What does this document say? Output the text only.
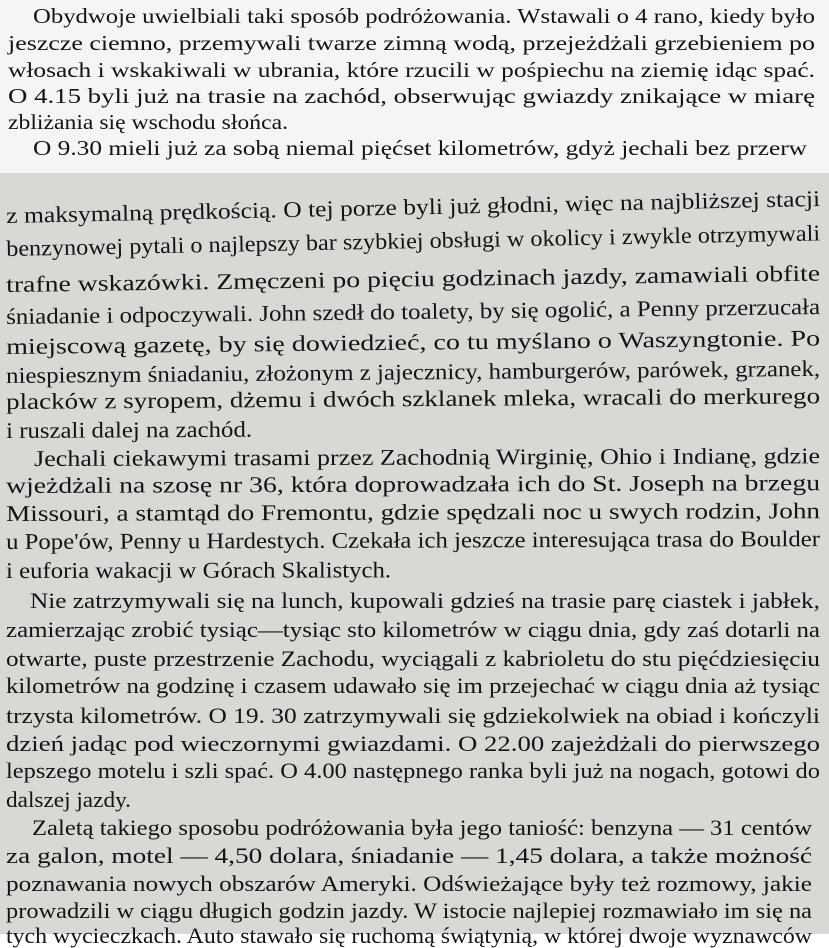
Obydwoje uwielbiali taki sposób podróżowania. Wstawali o 4 rano, kiedy było
jeszcze ciemno, przemywali twarze zimną wodą, przejeżdżali grzebieniem po
włosach i wskakiwali w ubrania, które rzucili w pośpiechu na ziemię idąc spać.
O 4.15 byli już na trasie na zachód, obserwując gwiazdy znikające w miarę
zbliżania się wschodu słońca.
O 9.30 mieli już za sobą niemal pięćset kilometrów, gdyż jechali bez przerw
z maksymalną prędkością. O tej porze byli już głodni, więc na najbliższej stacji
benzynowej pytali o najlepszy bar szybkiej obsługi w okolicy i zwykle otrzymywali
trafne wskazówki. Zmęczeni po pięciu godzinach jazdy, zamawiali obfite
śniadanie i odpoczywali. John szedł do toalety, by się ogolić, a Penny przerzucała
miejscową gazetę, by się dowiedzieć, co tu myślano o Waszyngtonie. Po
niespiesznym śniadaniu, złożonym z jajecznicy, hamburgerów, parówek, grzanek,
placków z syropem, dżemu i dwóch szklanek mleka, wracali do merkurego
i ruszali dalej na zachód.
Jechali ciekawymi trasami przez Zachodnią Wirginię, Ohio i Indianę, gdzie
wjeżdżali na szosę nr 36, która doprowadzała ich do St. Joseph na brzegu
Missouri, a stamtąd do Fremontu, gdzie spędzali noc u swych rodzin, John
u Pope'ów, Penny u Hardestych. Czekała ich jeszcze interesująca trasa do Boulder
i euforia wakacji w Górach Skalistych.
Nie zatrzymywali się na lunch, kupowali gdzieś na trasie parę ciastek i jabłek,
zamierzając zrobić tysiąc—tysiąc sto kilometrów w ciągu dnia, gdy zaś dotarli na
otwarte, puste przestrzenie Zachodu, wyciągali z kabrioletu do stu pięćdziesięciu
kilometrów na godzinę i czasem udawało się im przejechać w ciągu dnia aż tysiąc
trzysta kilometrów. O 19. 30 zatrzymywali się gdziekolwiek na obiad i kończyli
dzień jadąc pod wieczornymi gwiazdami. O 22.00 zajeżdżali do pierwszego
lepszego motelu i szli spać. O 4.00 następnego ranka byli już na nogach, gotowi do
dalszej jazdy.
Zaletą takiego sposobu podróżowania była jego taniość: benzyna — 31 centów
za galon, motel — 4,50 dolara, śniadanie — 1,45 dolara, a także możność
poznawania nowych obszarów Ameryki. Odświeżające były też rozmowy, jakie
prowadzili w ciągu długich godzin jazdy. W istocie najlepiej rozmawiało im się na
tych wycieczkach. Auto stawało się ruchomą świątynią, w której dwoje wyznawców
